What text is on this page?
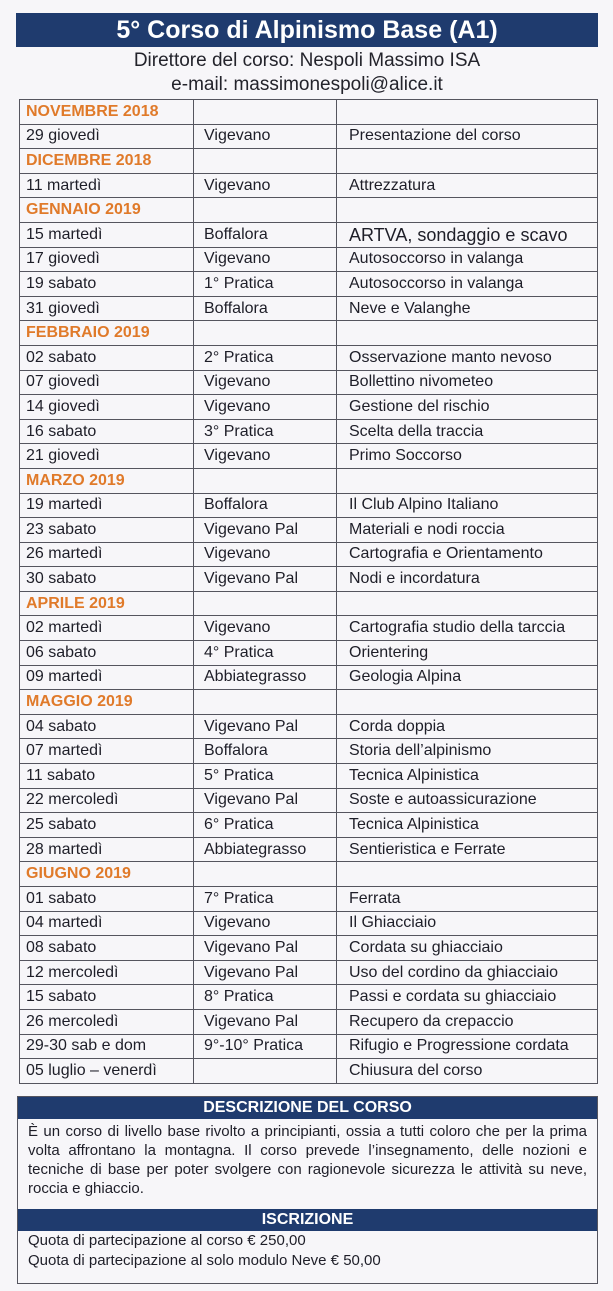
5° Corso di Alpinismo Base (A1)
Direttore del corso: Nespoli Massimo ISA
e-mail: massimonespoli@alice.it
NOVEMBRE 2018		
29 giovedì	Vigevano	Presentazione del corso
DICEMBRE 2018		
11 martedì	Vigevano	Attrezzatura
GENNAIO 2019		
15 martedì	Boffalora	ARTVA, sondaggio e scavo
17 giovedì	Vigevano	Autosoccorso in valanga
19 sabato	1° Pratica	Autosoccorso in valanga
31 giovedì	Boffalora	Neve e Valanghe
FEBBRAIO 2019		
02 sabato	2° Pratica	Osservazione manto nevoso
07 giovedì	Vigevano	Bollettino nivometeo
14 giovedì	Vigevano	Gestione del rischio
16 sabato	3° Pratica	Scelta della traccia
21 giovedì	Vigevano	Primo Soccorso
MARZO 2019		
19 martedì	Boffalora	Il Club Alpino Italiano
23 sabato	Vigevano Pal	Materiali e nodi roccia
26 martedì	Vigevano	Cartografia e Orientamento
30 sabato	Vigevano Pal	Nodi e incordatura
APRILE 2019		
02 martedì	Vigevano	Cartografia studio della tarccia
06 sabato	4° Pratica	Orientering
09 martedì	Abbiategrasso	Geologia Alpina
MAGGIO 2019		
04 sabato	Vigevano Pal	Corda doppia
07 martedì	Boffalora	Storia dell’alpinismo
11 sabato	5° Pratica	Tecnica Alpinistica
22 mercoledì	Vigevano Pal	Soste e autoassicurazione
25 sabato	6° Pratica	Tecnica Alpinistica
28 martedì	Abbiategrasso	Sentieristica e Ferrate
GIUGNO 2019		
01 sabato	7° Pratica	Ferrata
04 martedì	Vigevano	Il Ghiacciaio
08 sabato	Vigevano Pal	Cordata su ghiacciaio
12 mercoledì	Vigevano Pal	Uso del cordino da ghiacciaio
15 sabato	8° Pratica	Passi e cordata su ghiacciaio
26 mercoledì	Vigevano Pal	Recupero da crepaccio
29-30 sab e dom	9°-10° Pratica	Rifugio e Progressione cordata
05 luglio – venerdì		Chiusura del corso
DESCRIZIONE DEL CORSO
È un corso di livello base rivolto a principianti, ossia a tutti coloro che per la prima volta affrontano la montagna. Il corso prevede l’insegnamento, delle nozioni e tecniche di base per poter svolgere con ragionevole sicurezza le attività su neve, roccia e ghiaccio.
ISCRIZIONE
Quota di partecipazione al corso € 250,00
Quota di partecipazione al solo modulo Neve € 50,00
